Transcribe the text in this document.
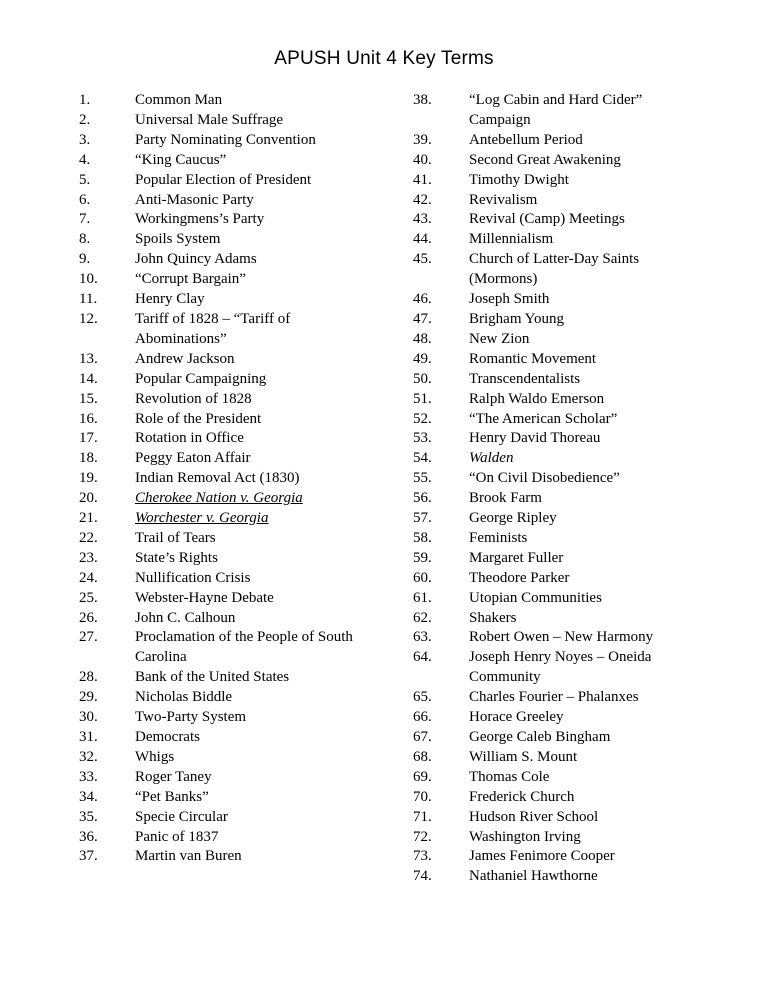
APUSH Unit 4 Key Terms
1.	Common Man
2.	Universal Male Suffrage
3.	Party Nominating Convention
4.	“King Caucus”
5.	Popular Election of President
6.	Anti-Masonic Party
7.	Workingmens’s Party
8.	Spoils System
9.	John Quincy Adams
10.	“Corrupt Bargain”
11.	Henry Clay
12.	Tariff of 1828 – “Tariff of Abominations”
13.	Andrew Jackson
14.	Popular Campaigning
15.	Revolution of 1828
16.	Role of the President
17.	Rotation in Office
18.	Peggy Eaton Affair
19.	Indian Removal Act (1830)
20.	Cherokee Nation v. Georgia
21.	Worchester v. Georgia
22.	Trail of Tears
23.	State’s Rights
24.	Nullification Crisis
25.	Webster-Hayne Debate
26.	John C. Calhoun
27.	Proclamation of the People of South Carolina
28.	Bank of the United States
29.	Nicholas Biddle
30.	Two-Party System
31.	Democrats
32.	Whigs
33.	Roger Taney
34.	“Pet Banks”
35.	Specie Circular
36.	Panic of 1837
37.	Martin van Buren
38.	“Log Cabin and Hard Cider” Campaign
39.	Antebellum Period
40.	Second Great Awakening
41.	Timothy Dwight
42.	Revivalism
43.	Revival (Camp) Meetings
44.	Millennialism
45.	Church of Latter-Day Saints (Mormons)
46.	Joseph Smith
47.	Brigham Young
48.	New Zion
49.	Romantic Movement
50.	Transcendentalists
51.	Ralph Waldo Emerson
52.	“The American Scholar”
53.	Henry David Thoreau
54.	Walden
55.	“On Civil Disobedience”
56.	Brook Farm
57.	George Ripley
58.	Feminists
59.	Margaret Fuller
60.	Theodore Parker
61.	Utopian Communities
62.	Shakers
63.	Robert Owen – New Harmony
64.	Joseph Henry Noyes – Oneida Community
65.	Charles Fourier – Phalanxes
66.	Horace Greeley
67.	George Caleb Bingham
68.	William S. Mount
69.	Thomas Cole
70.	Frederick Church
71.	Hudson River School
72.	Washington Irving
73.	James Fenimore Cooper
74.	Nathaniel Hawthorne
